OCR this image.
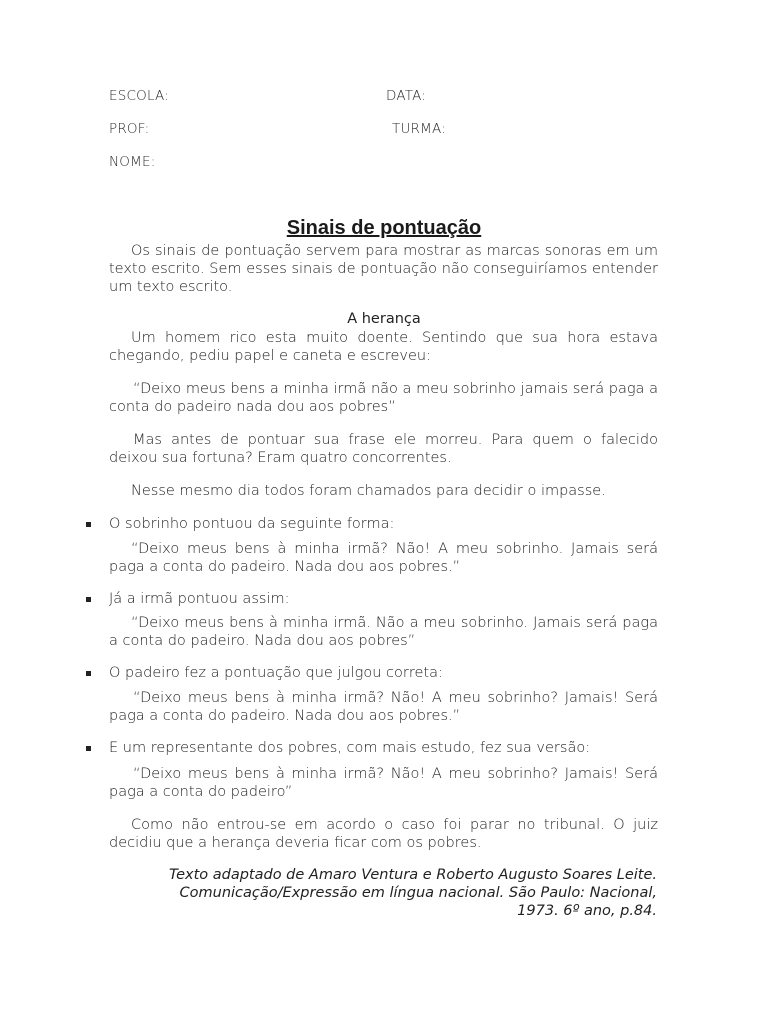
ESCOLA:	DATA:
PROF:	TURMA:
NOME:
Sinais de pontuação
Os sinais de pontuação servem para mostrar as marcas sonoras em um texto escrito. Sem esses sinais de pontuação não conseguiríamos entender um texto escrito.
A herança
Um homem rico esta muito doente. Sentindo que sua hora estava chegando, pediu papel e caneta e escreveu:
“Deixo meus bens a minha irmã não a meu sobrinho jamais será paga a conta do padeiro nada dou aos pobres”
Mas antes de pontuar sua frase ele morreu. Para quem o falecido deixou sua fortuna? Eram quatro concorrentes.
Nesse mesmo dia todos foram chamados para decidir o impasse.
O sobrinho pontuou da seguinte forma:
“Deixo meus bens à minha irmã? Não! A meu sobrinho. Jamais será paga a conta do padeiro. Nada dou aos pobres.”
Já a irmã pontuou assim:
“Deixo meus bens à minha irmã. Não a meu sobrinho. Jamais será paga a conta do padeiro. Nada dou aos pobres”
O padeiro fez a pontuação que julgou correta:
“Deixo meus bens à minha irmã? Não! A meu sobrinho? Jamais! Será paga a conta do padeiro. Nada dou aos pobres.”
E um representante dos pobres, com mais estudo, fez sua versão:
“Deixo meus bens à minha irmã? Não! A meu sobrinho? Jamais! Será paga a conta do padeiro”
Como não entrou-se em acordo o caso foi parar no tribunal. O juiz decidiu que a herança deveria ficar com os pobres.
Texto adaptado de Amaro Ventura e Roberto Augusto Soares Leite.
Comunicação/Expressão em língua nacional. São Paulo: Nacional,
1973. 6º ano, p.84.
